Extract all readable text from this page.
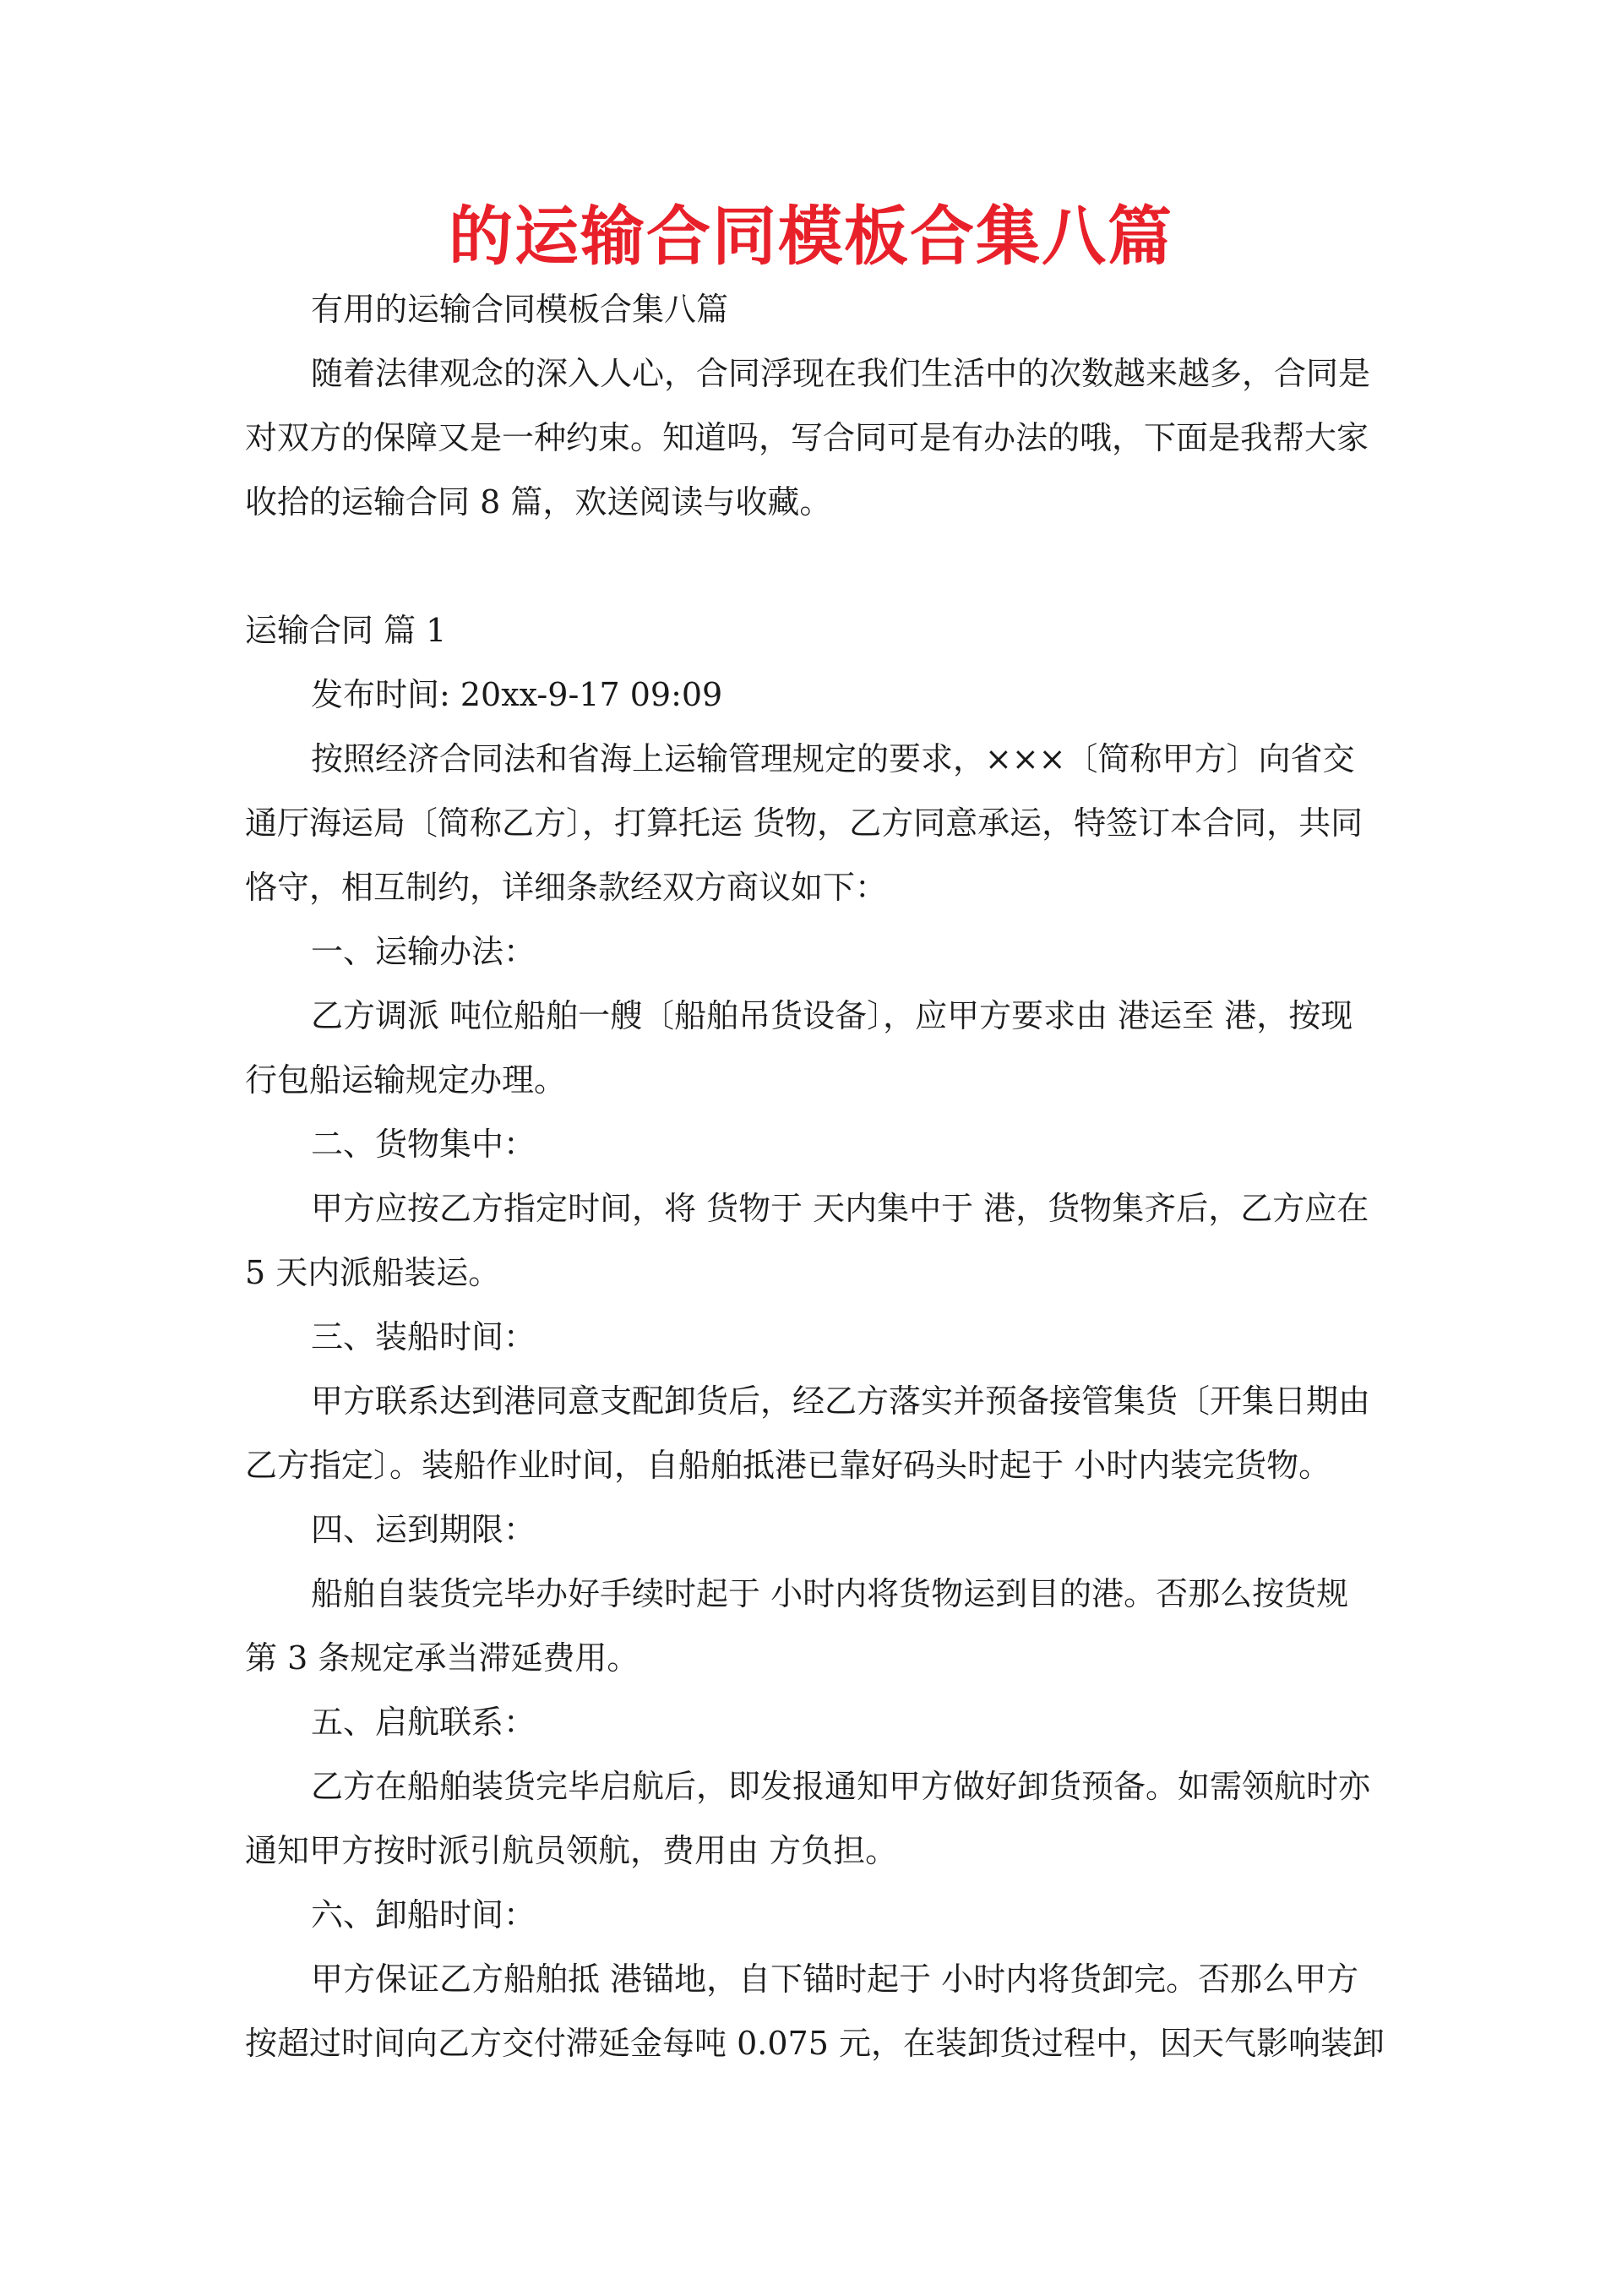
的运输合同模板合集八篇

有用的运输合同模板合集八篇

随着法律观念的深入人心，合同浮现在我们生活中的次数越来越多，合同是

对双方的保障又是一种约束。知道吗，写合同可是有办法的哦，下面是我帮大家

收拾的运输合同 8 篇，欢送阅读与收藏。

运输合同 篇 1

发布时间: 20xx-9-17 09:09

按照经济合同法和省海上运输管理规定的要求，×××〔简称甲方〕向省交

通厅海运局〔简称乙方〕，打算托运 货物，乙方同意承运，特签订本合同，共同

恪守，相互制约，详细条款经双方商议如下：

一、运输办法：

乙方调派 吨位船舶一艘〔船舶吊货设备〕，应甲方要求由 港运至 港，按现

行包船运输规定办理。

二、货物集中：

甲方应按乙方指定时间，将 货物于 天内集中于 港，货物集齐后，乙方应在

5 天内派船装运。

三、装船时间：

甲方联系达到港同意支配卸货后，经乙方落实并预备接管集货〔开集日期由

乙方指定〕。装船作业时间，自船舶抵港已靠好码头时起于 小时内装完货物。

四、运到期限：

船舶自装货完毕办好手续时起于 小时内将货物运到目的港。否那么按货规

第 3 条规定承当滞延费用。

五、启航联系：

乙方在船舶装货完毕启航后，即发报通知甲方做好卸货预备。如需领航时亦

通知甲方按时派引航员领航，费用由 方负担。

六、卸船时间：

甲方保证乙方船舶抵 港锚地，自下锚时起于 小时内将货卸完。否那么甲方

按超过时间向乙方交付滞延金每吨 0.075 元，在装卸货过程中，因天气影响装卸
